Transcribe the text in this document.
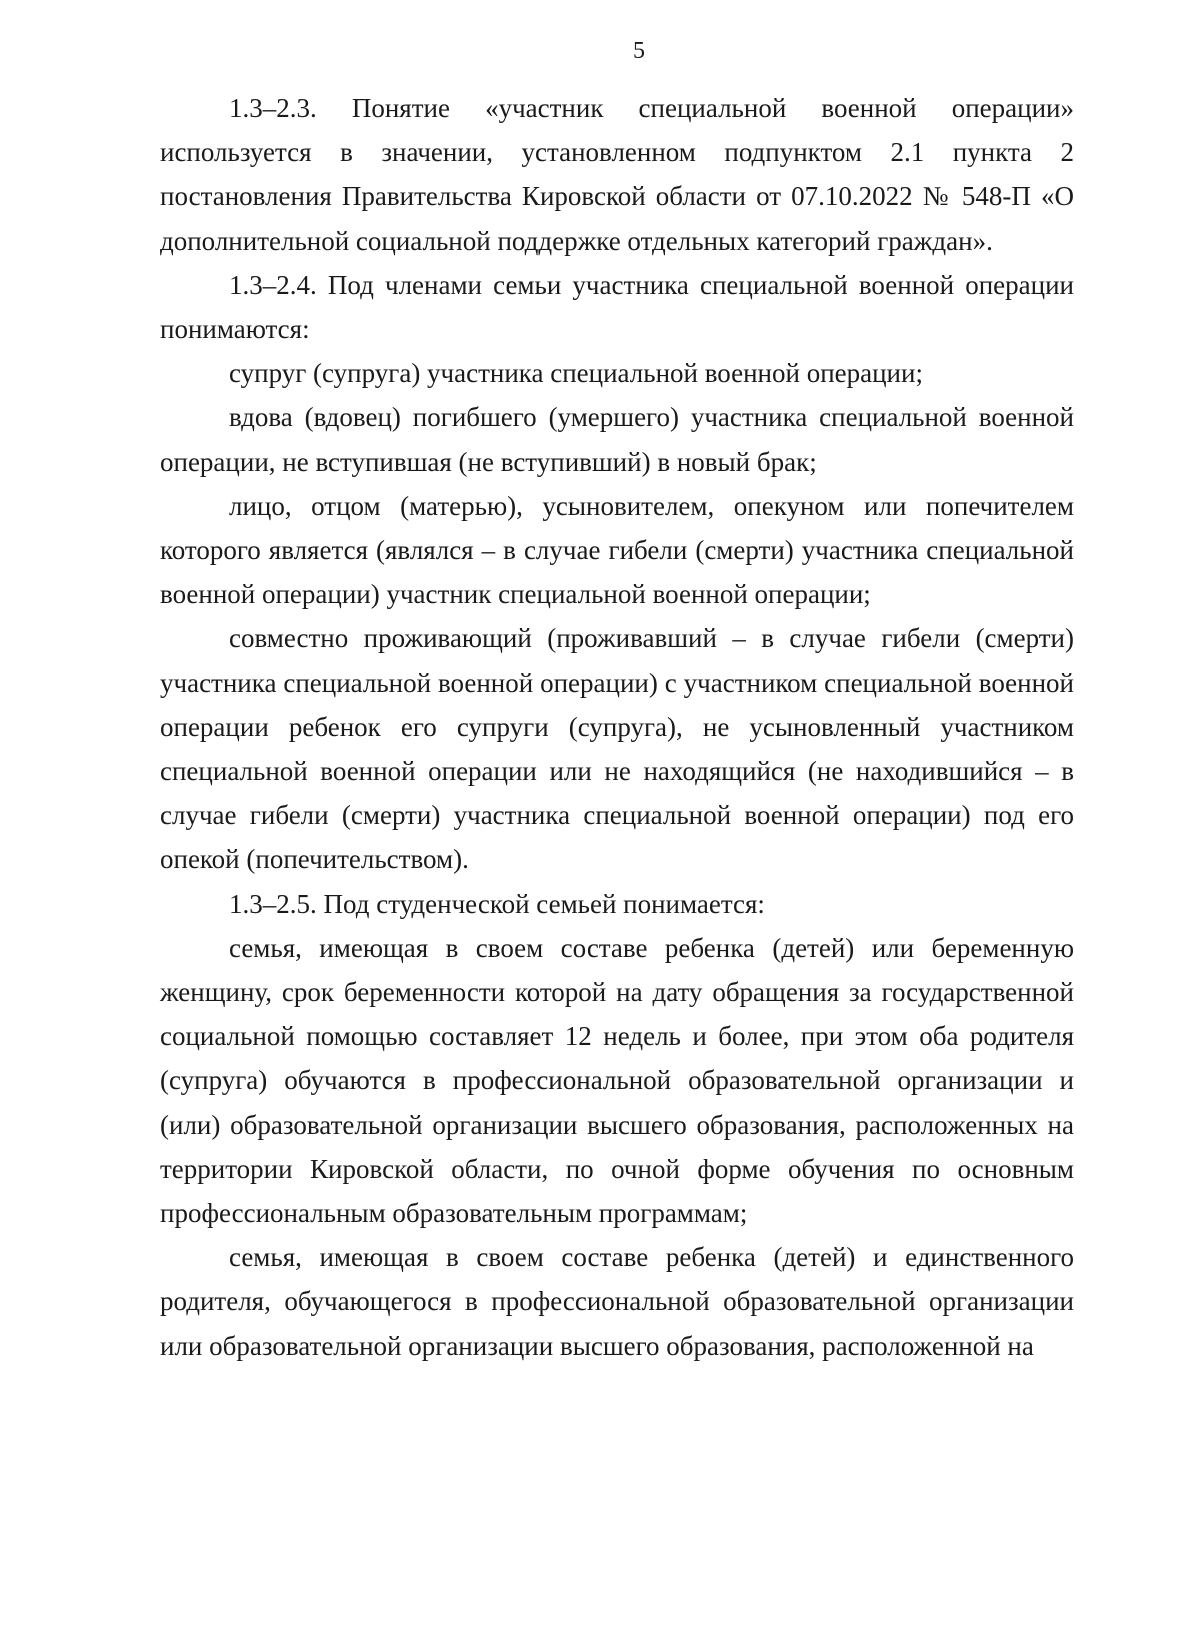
5

1.3–2.3. Понятие «участник специальной военной операции» используется в значении, установленном подпунктом 2.1 пункта 2 постановления Правительства Кировской области от 07.10.2022 № 548-П «О дополнительной социальной поддержке отдельных категорий граждан».

1.3–2.4. Под членами семьи участника специальной военной операции понимаются:

супруг (супруга) участника специальной военной операции;

вдова (вдовец) погибшего (умершего) участника специальной военной операции, не вступившая (не вступивший) в новый брак;

лицо, отцом (матерью), усыновителем, опекуном или попечителем которого является (являлся – в случае гибели (смерти) участника специальной военной операции) участник специальной военной операции;

совместно проживающий (проживавший – в случае гибели (смерти) участника специальной военной операции) с участником специальной военной операции ребенок его супруги (супруга), не усыновленный участником специальной военной операции или не находящийся (не находившийся – в случае гибели (смерти) участника специальной военной операции) под его опекой (попечительством).

1.3–2.5. Под студенческой семьей понимается:

семья, имеющая в своем составе ребенка (детей) или беременную женщину, срок беременности которой на дату обращения за государственной социальной помощью составляет 12 недель и более, при этом оба родителя (супруга) обучаются в профессиональной образовательной организации и (или) образовательной организации высшего образования, расположенных на территории Кировской области, по очной форме обучения по основным профессиональным образовательным программам;

семья, имеющая в своем составе ребенка (детей) и единственного родителя, обучающегося в профессиональной образовательной организации или образовательной организации высшего образования, расположенной на
